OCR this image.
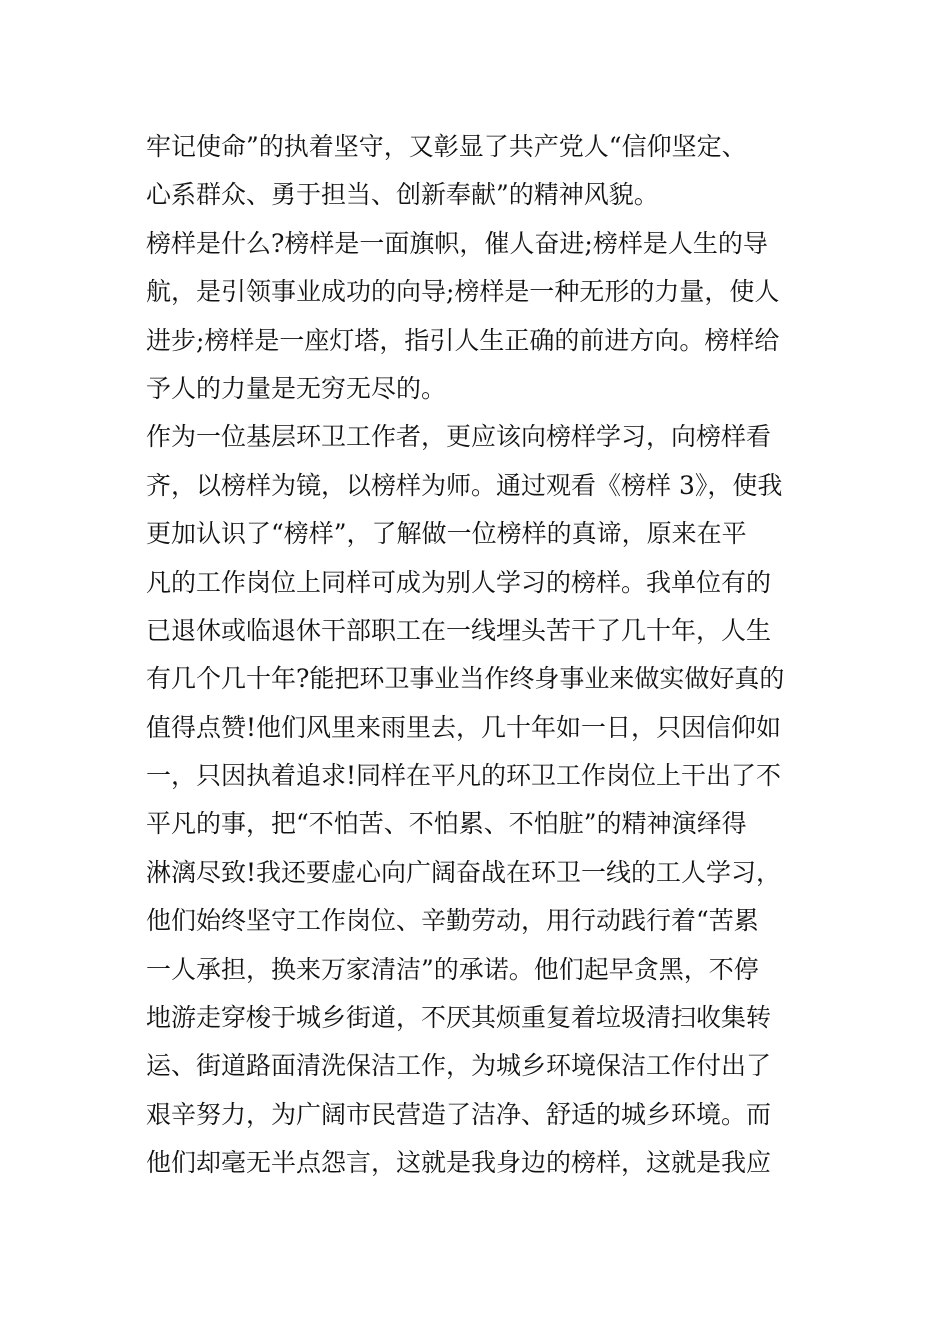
牢记使命”的执着坚守，又彰显了共产党人“信仰坚定、
心系群众、勇于担当、创新奉献”的精神风貌。
榜样是什么?榜样是一面旗帜，催人奋进;榜样是人生的导
航，是引领事业成功的向导;榜样是一种无形的力量，使人
进步;榜样是一座灯塔，指引人生正确的前进方向。榜样给
予人的力量是无穷无尽的。
作为一位基层环卫工作者，更应该向榜样学习，向榜样看
齐，以榜样为镜，以榜样为师。通过观看《榜样 3》，使我
更加认识了“榜样”，了解做一位榜样的真谛，原来在平
凡的工作岗位上同样可成为别人学习的榜样。我单位有的
已退休或临退休干部职工在一线埋头苦干了几十年，人生
有几个几十年?能把环卫事业当作终身事业来做实做好真的
值得点赞!他们风里来雨里去，几十年如一日，只因信仰如
一，只因执着追求!同样在平凡的环卫工作岗位上干出了不
平凡的事，把“不怕苦、不怕累、不怕脏”的精神演绎得
淋漓尽致!我还要虚心向广阔奋战在环卫一线的工人学习，
他们始终坚守工作岗位、辛勤劳动，用行动践行着“苦累
一人承担，换来万家清洁”的承诺。他们起早贪黑，不停
地游走穿梭于城乡街道，不厌其烦重复着垃圾清扫收集转
运、街道路面清洗保洁工作，为城乡环境保洁工作付出了
艰辛努力，为广阔市民营造了洁净、舒适的城乡环境。而
他们却毫无半点怨言，这就是我身边的榜样，这就是我应
